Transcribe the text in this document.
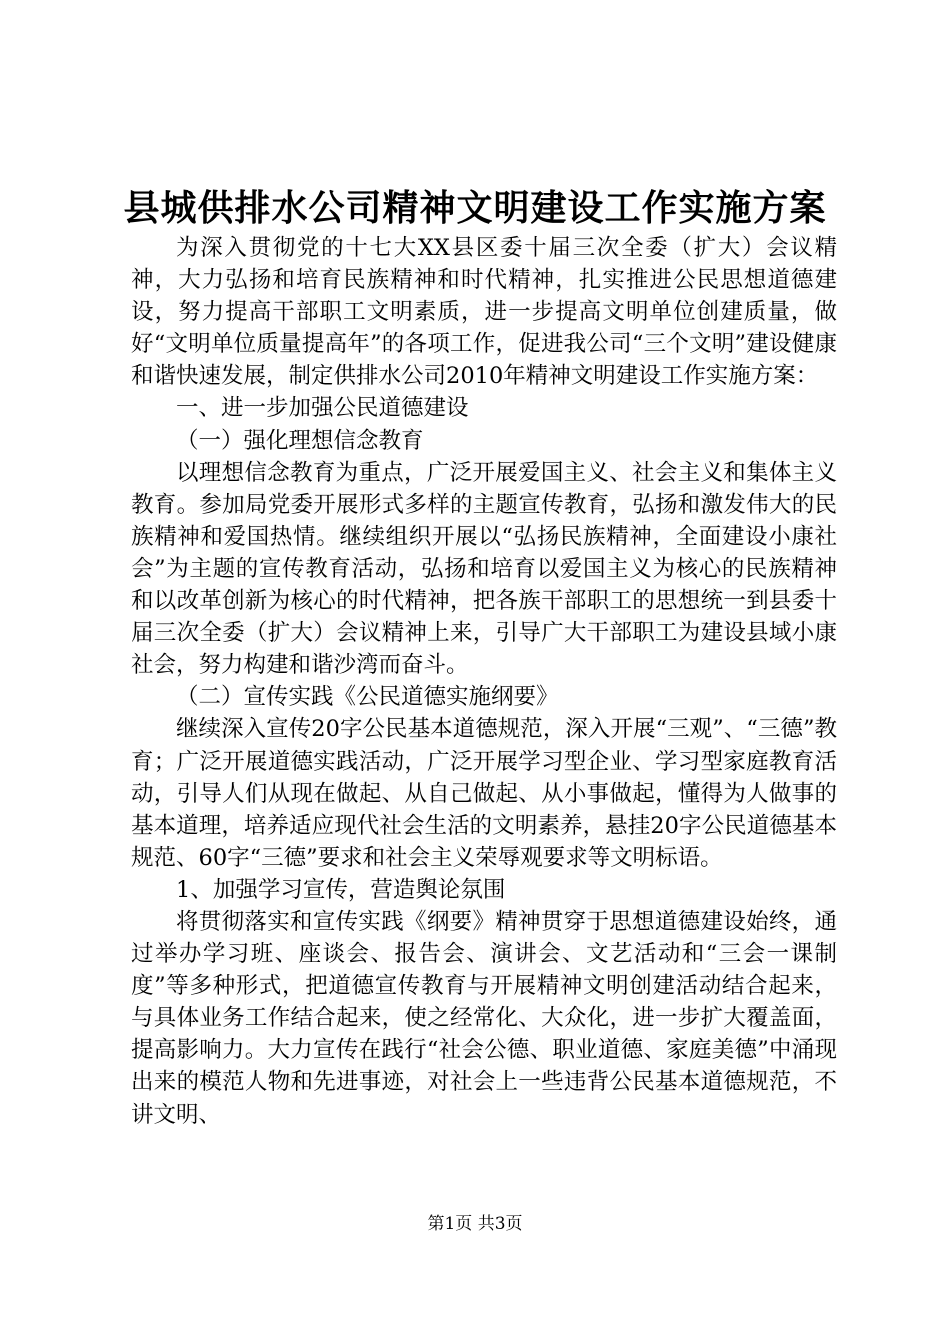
县城供排水公司精神文明建设工作实施方案

为深入贯彻党的十七大XX县区委十届三次全委（扩大）会议精神，大力弘扬和培育民族精神和时代精神，扎实推进公民思想道德建设，努力提高干部职工文明素质，进一步提高文明单位创建质量，做好“文明单位质量提高年”的各项工作，促进我公司“三个文明”建设健康和谐快速发展，制定供排水公司2010年精神文明建设工作实施方案：

一、进一步加强公民道德建设

（一）强化理想信念教育

以理想信念教育为重点，广泛开展爱国主义、社会主义和集体主义教育。参加局党委开展形式多样的主题宣传教育，弘扬和激发伟大的民族精神和爱国热情。继续组织开展以“弘扬民族精神，全面建设小康社会”为主题的宣传教育活动，弘扬和培育以爱国主义为核心的民族精神和以改革创新为核心的时代精神，把各族干部职工的思想统一到县委十届三次全委（扩大）会议精神上来，引导广大干部职工为建设县域小康社会，努力构建和谐沙湾而奋斗。

（二）宣传实践《公民道德实施纲要》

继续深入宣传20字公民基本道德规范，深入开展“三观”、“三德”教育；广泛开展道德实践活动，广泛开展学习型企业、学习型家庭教育活动，引导人们从现在做起、从自己做起、从小事做起，懂得为人做事的基本道理，培养适应现代社会生活的文明素养，悬挂20字公民道德基本规范、60字“三德”要求和社会主义荣辱观要求等文明标语。

1、加强学习宣传，营造舆论氛围

将贯彻落实和宣传实践《纲要》精神贯穿于思想道德建设始终，通过举办学习班、座谈会、报告会、演讲会、文艺活动和“三会一课制度”等多种形式，把道德宣传教育与开展精神文明创建活动结合起来，与具体业务工作结合起来，使之经常化、大众化，进一步扩大覆盖面，提高影响力。大力宣传在践行“社会公德、职业道德、家庭美德”中涌现出来的模范人物和先进事迹，对社会上一些违背公民基本道德规范，不讲文明、

第1页 共3页
